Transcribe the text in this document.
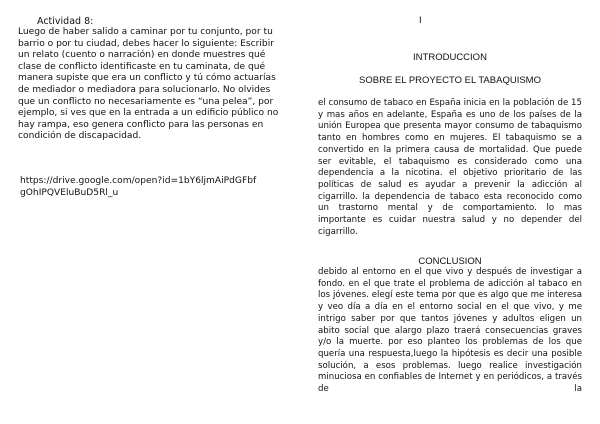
Actividad 8:

Luego de haber salido a caminar por tu conjunto, por tu barrio o por tu ciudad, debes hacer lo siguiente: Escribir un relato (cuento o narración) en donde muestres qué clase de conflicto identificaste en tu caminata, de qué manera supiste que era un conflicto y tú cómo actuarías de mediador o mediadora para solucionarlo. No olvides que un conflicto no necesariamente es “una pelea”, por ejemplo, si ves que en la entrada a un edificio público no hay rampa, eso genera conflicto para las personas en condición de discapacidad.

https://drive.google.com/open?id=1bY6ljmAiPdGFbfgOhIPQVEluBuD5Rl_u

I
INTRODUCCION
SOBRE EL PROYECTO EL TABAQUISMO

el consumo de tabaco en España inicia en la población de 15 y mas años en adelante, España es uno de los países de la unión Europea que presenta mayor consumo de tabaquismo tanto en hombres como en mujeres. El tabaquismo se a convertido en la primera causa de mortalidad. Que puede ser evitable, el tabaquismo es considerado como una dependencia a la nicotina. el objetivo prioritario de las políticas de salud es ayudar a prevenir la adicción al cigarrillo. la dependencia de tabaco esta reconocido como un trastorno mental y de comportamiento. lo mas importante es cuidar nuestra salud y no depender del cigarrillo.

CONCLUSION

debido al entorno en el que vivo y después de investigar a fondo. en el que trate el problema de adicción al tabaco en los jóvenes. elegí este tema por que es algo que me interesa y veo día a día en el entorno social en el que vivo, y me intrigo saber por que tantos jóvenes y adultos eligen un abito social que alargo plazo traerá consecuencias graves y/o la muerte. por eso planteo los problemas de los que quería una respuesta,luego la hipótesis es decir una posible solución, a esos problemas. luego realice investigación minuciosa en confiables de Internet y en periódicos, a través de la
